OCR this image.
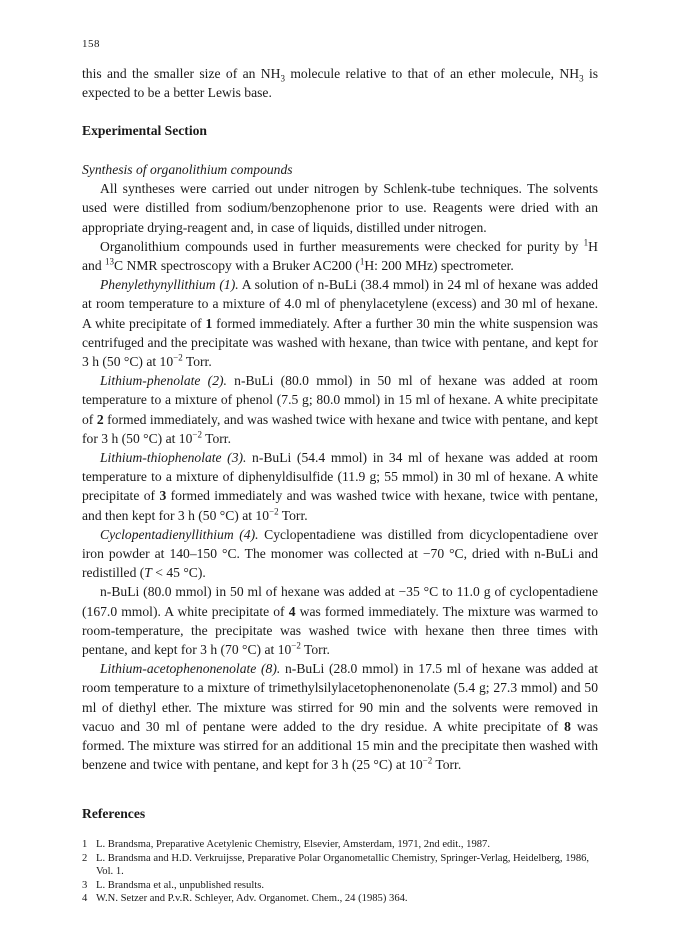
158

this and the smaller size of an $NH_3$ molecule relative to that of an ether molecule, $NH_3$ is expected to be a better Lewis base.

Experimental Section

Synthesis of organolithium compounds

All syntheses were carried out under nitrogen by Schlenk-tube techniques. The solvents used were distilled from sodium/benzophenone prior to use. Reagents were dried with an appropriate drying-reagent and, in case of liquids, distilled under nitrogen.

Organolithium compounds used in further measurements were checked for purity by $^1$H and $^{13}$C NMR spectroscopy with a Bruker AC200 ($^1$H: 200 MHz) spectrometer.

Phenylethynyllithium (1). A solution of n-BuLi (38.4 mmol) in 24 ml of hexane was added at room temperature to a mixture of 4.0 ml of phenylacetylene (excess) and 30 ml of hexane. A white precipitate of 1 formed immediately. After a further 30 min the white suspension was centrifuged and the precipitate was washed with hexane, than twice with pentane, and kept for 3 h (50 °C) at $10^{-2}$ Torr.

Lithium-phenolate (2). n-BuLi (80.0 mmol) in 50 ml of hexane was added at room temperature to a mixture of phenol (7.5 g; 80.0 mmol) in 15 ml of hexane. A white precipitate of 2 formed immediately, and was washed twice with hexane and twice with pentane, and kept for 3 h (50 °C) at $10^{-2}$ Torr.

Lithium-thiophenolate (3). n-BuLi (54.4 mmol) in 34 ml of hexane was added at room temperature to a mixture of diphenyldisulfide (11.9 g; 55 mmol) in 30 ml of hexane. A white precipitate of 3 formed immediately and was washed twice with hexane, twice with pentane, and then kept for 3 h (50 °C) at $10^{-2}$ Torr.

Cyclopentadienyllithium (4). Cyclopentadiene was distilled from dicyclopentadiene over iron powder at 140–150 °C. The monomer was collected at −70 °C, dried with n-BuLi and redistilled (T < 45 °C).

n-BuLi (80.0 mmol) in 50 ml of hexane was added at −35 °C to 11.0 g of cyclopentadiene (167.0 mmol). A white precipitate of 4 was formed immediately. The mixture was warmed to room-temperature, the precipitate was washed twice with hexane then three times with pentane, and kept for 3 h (70 °C) at $10^{-2}$ Torr.

Lithium-acetophenonenolate (8). n-BuLi (28.0 mmol) in 17.5 ml of hexane was added at room temperature to a mixture of trimethylsilylacetophenonenolate (5.4 g; 27.3 mmol) and 50 ml of diethyl ether. The mixture was stirred for 90 min and the solvents were removed in vacuo and 30 ml of pentane were added to the dry residue. A white precipitate of 8 was formed. The mixture was stirred for an additional 15 min and the precipitate then washed with benzene and twice with pentane, and kept for 3 h (25 °C) at $10^{-2}$ Torr.

References
1 L. Brandsma, Preparative Acetylenic Chemistry, Elsevier, Amsterdam, 1971, 2nd edit., 1987.
2 L. Brandsma and H.D. Verkruijsse, Preparative Polar Organometallic Chemistry, Springer-Verlag, Heidelberg, 1986, Vol. 1.
3 L. Brandsma et al., unpublished results.
4 W.N. Setzer and P.v.R. Schleyer, Adv. Organomet. Chem., 24 (1985) 364.
